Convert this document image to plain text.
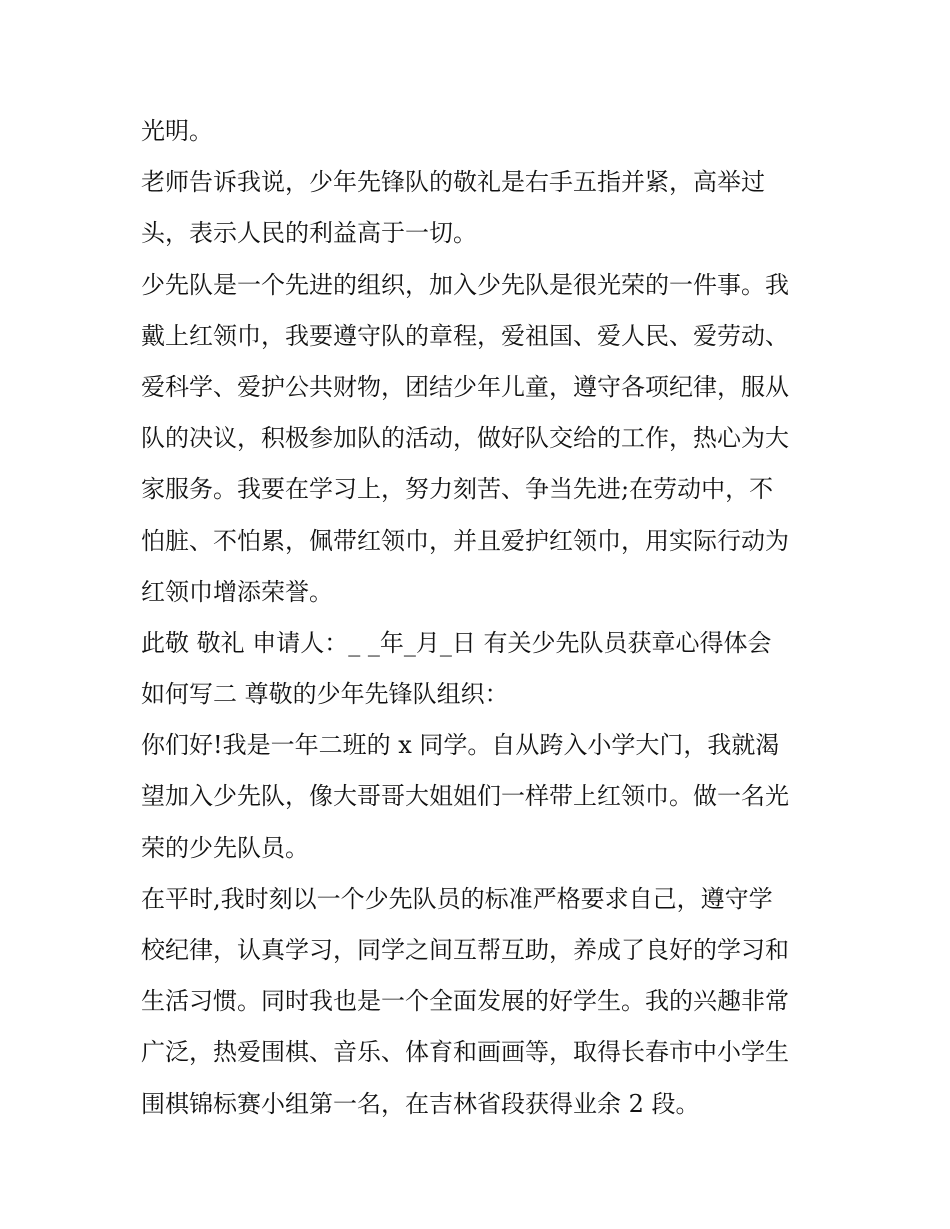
光明。
老师告诉我说，少年先锋队的敬礼是右手五指并紧，高举过
头，表示人民的利益高于一切。
少先队是一个先进的组织，加入少先队是很光荣的一件事。我
戴上红领巾，我要遵守队的章程，爱祖国、爱人民、爱劳动、
爱科学、爱护公共财物，团结少年儿童，遵守各项纪律，服从
队的决议，积极参加队的活动，做好队交给的工作，热心为大
家服务。我要在学习上，努力刻苦、争当先进;在劳动中，不
怕脏、不怕累，佩带红领巾，并且爱护红领巾，用实际行动为
红领巾增添荣誉。
此敬 敬礼 申请人：_ _年_月_日 有关少先队员获章心得体会
如何写二 尊敬的少年先锋队组织：
你们好!我是一年二班的 x 同学。自从跨入小学大门，我就渴
望加入少先队，像大哥哥大姐姐们一样带上红领巾。做一名光
荣的少先队员。
在平时,我时刻以一个少先队员的标准严格要求自己，遵守学
校纪律，认真学习，同学之间互帮互助，养成了良好的学习和
生活习惯。同时我也是一个全面发展的好学生。我的兴趣非常
广泛，热爱围棋、音乐、体育和画画等，取得长春市中小学生
围棋锦标赛小组第一名，在吉林省段获得业余 2 段。
